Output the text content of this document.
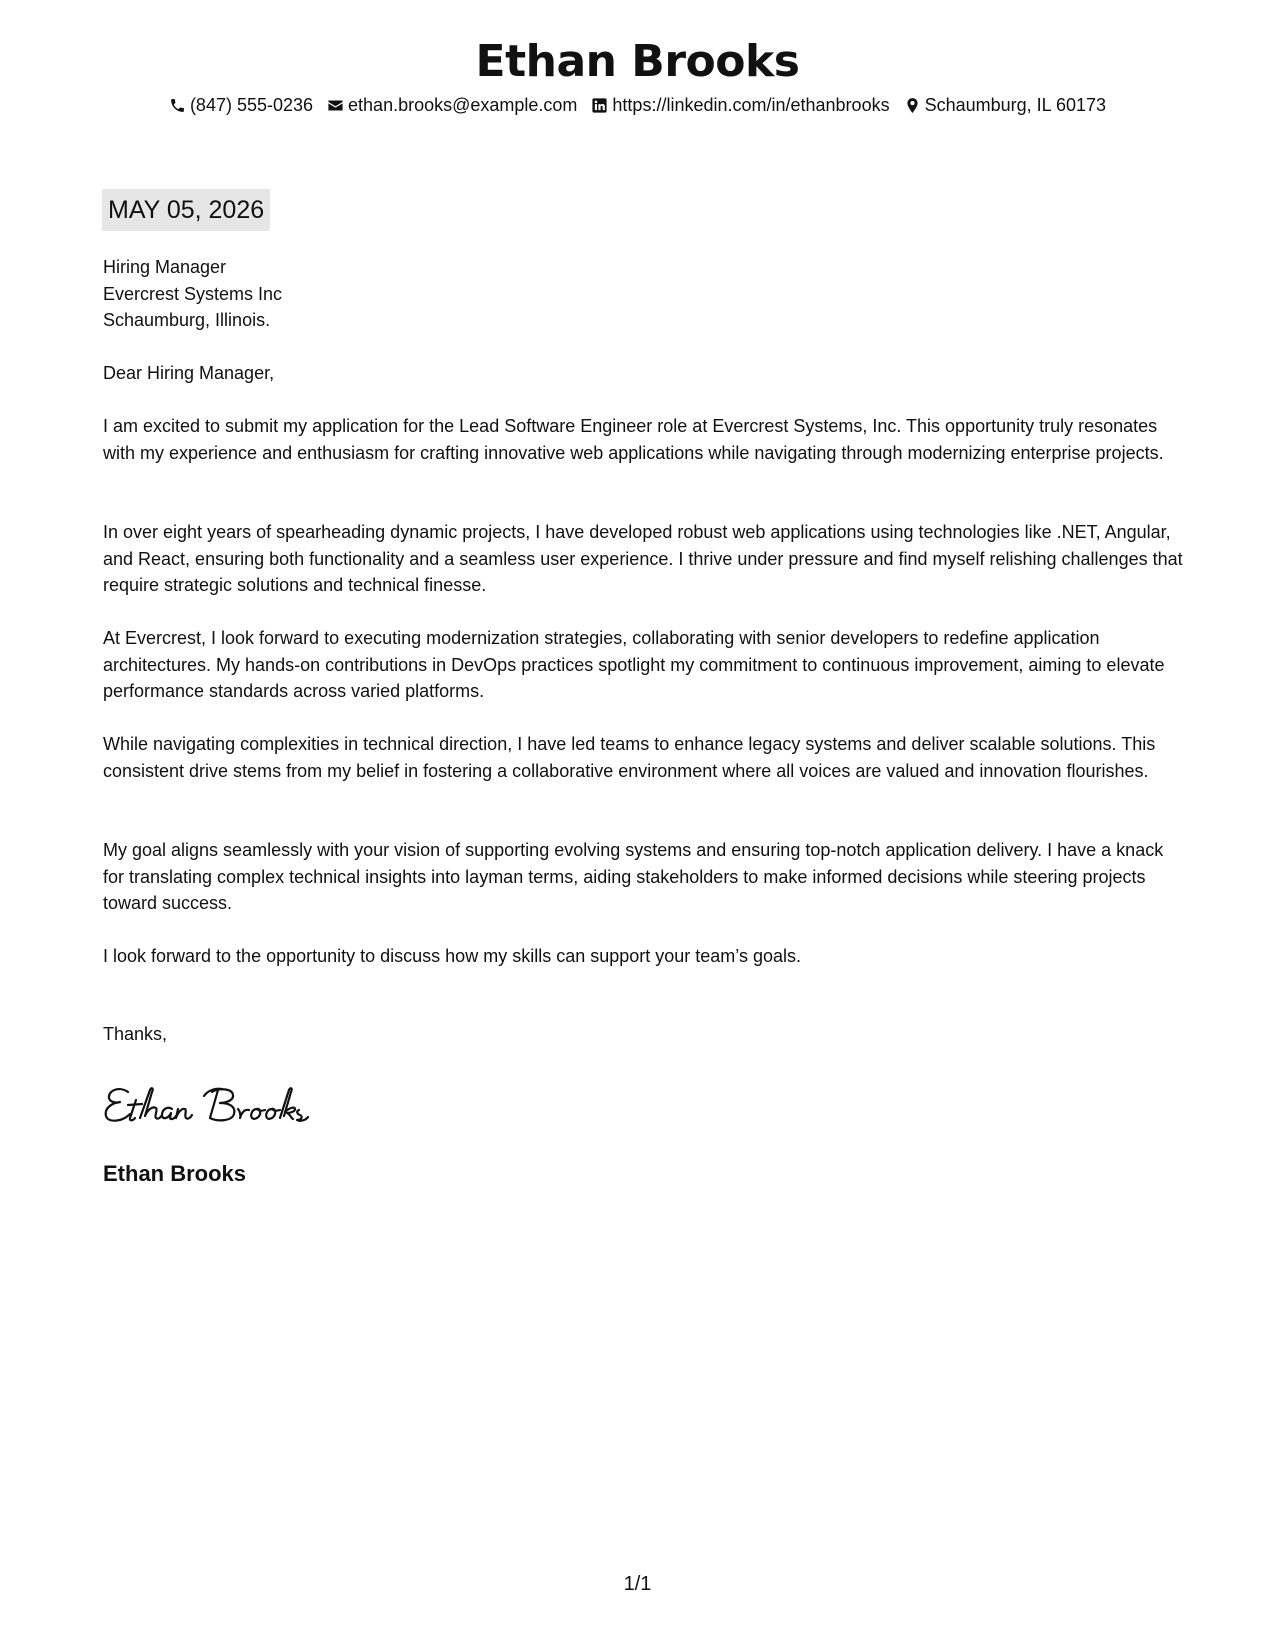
Ethan Brooks
(847) 555-0236 ethan.brooks@example.com https://linkedin.com/in/ethanbrooks Schaumburg, IL 60173
MAY 05, 2026
Hiring Manager
Evercrest Systems Inc
Schaumburg, Illinois.
Dear Hiring Manager,

I am excited to submit my application for the Lead Software Engineer role at Evercrest Systems, Inc. This opportunity truly resonates with my experience and enthusiasm for crafting innovative web applications while navigating through modernizing enterprise projects.

In over eight years of spearheading dynamic projects, I have developed robust web applications using technologies like .NET, Angular, and React, ensuring both functionality and a seamless user experience. I thrive under pressure and find myself relishing challenges that require strategic solutions and technical finesse.

At Evercrest, I look forward to executing modernization strategies, collaborating with senior developers to redefine application architectures. My hands-on contributions in DevOps practices spotlight my commitment to continuous improvement, aiming to elevate performance standards across varied platforms.

While navigating complexities in technical direction, I have led teams to enhance legacy systems and deliver scalable solutions. This consistent drive stems from my belief in fostering a collaborative environment where all voices are valued and innovation flourishes.

My goal aligns seamlessly with your vision of supporting evolving systems and ensuring top-notch application delivery. I have a knack for translating complex technical insights into layman terms, aiding stakeholders to make informed decisions while steering projects toward success.

I look forward to the opportunity to discuss how my skills can support your team’s goals.

Thanks,
Ethan Brooks
1/1
